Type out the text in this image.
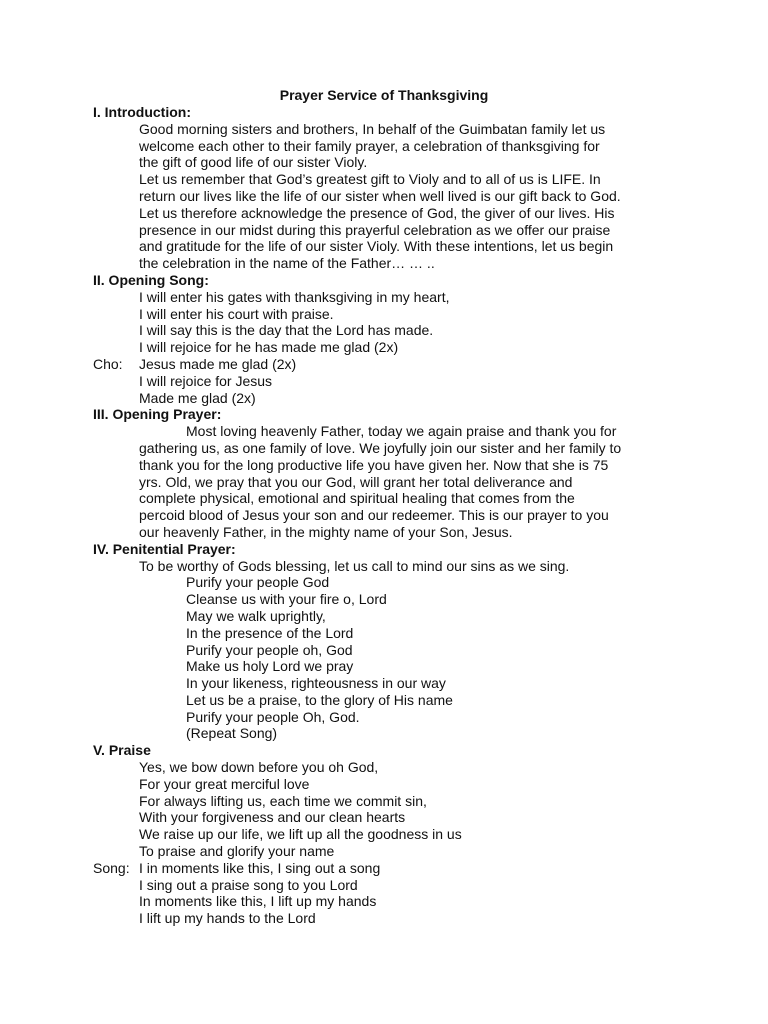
Prayer Service of Thanksgiving
I. Introduction:
Good morning sisters and brothers, In behalf of the Guimbatan family let us
welcome each other to their family prayer, a celebration of thanksgiving for
the gift of good life of our sister Violy.
Let us remember that God’s greatest gift to Violy and to all of us is LIFE. In
return our lives like the life of our sister when well lived is our gift back to God.
Let us therefore acknowledge the presence of God, the giver of our lives. His
presence in our midst during this prayerful celebration as we offer our praise
and gratitude for the life of our sister Violy. With these intentions, let us begin
the celebration in the name of the Father… … ..
II. Opening Song:
I will enter his gates with thanksgiving in my heart,
I will enter his court with praise.
I will say this is the day that the Lord has made.
I will rejoice for he has made me glad (2x)
Cho:	Jesus made me glad (2x)
I will rejoice for Jesus
Made me glad (2x)
III. Opening Prayer:
Most loving heavenly Father, today we again praise and thank you for
gathering us, as one family of love. We joyfully join our sister and her family to
thank you for the long productive life you have given her. Now that she is 75
yrs. Old, we pray that you our God, will grant her total deliverance and
complete physical, emotional and spiritual healing that comes from the
percoid blood of Jesus your son and our redeemer. This is our prayer to you
our heavenly Father, in the mighty name of your Son, Jesus.
IV. Penitential Prayer:
To be worthy of Gods blessing, let us call to mind our sins as we sing.
Purify your people God
Cleanse us with your fire o, Lord
May we walk uprightly,
In the presence of the Lord
Purify your people oh, God
Make us holy Lord we pray
In your likeness, righteousness in our way
Let us be a praise, to the glory of His name
Purify your people Oh, God.
(Repeat Song)
V. Praise
Yes, we bow down before you oh God,
For your great merciful love
For always lifting us, each time we commit sin,
With your forgiveness and our clean hearts
We raise up our life, we lift up all the goodness in us
To praise and glorify your name
Song: I in moments like this, I sing out a song
I sing out a praise song to you Lord
In moments like this, I lift up my hands
I lift up my hands to the Lord
